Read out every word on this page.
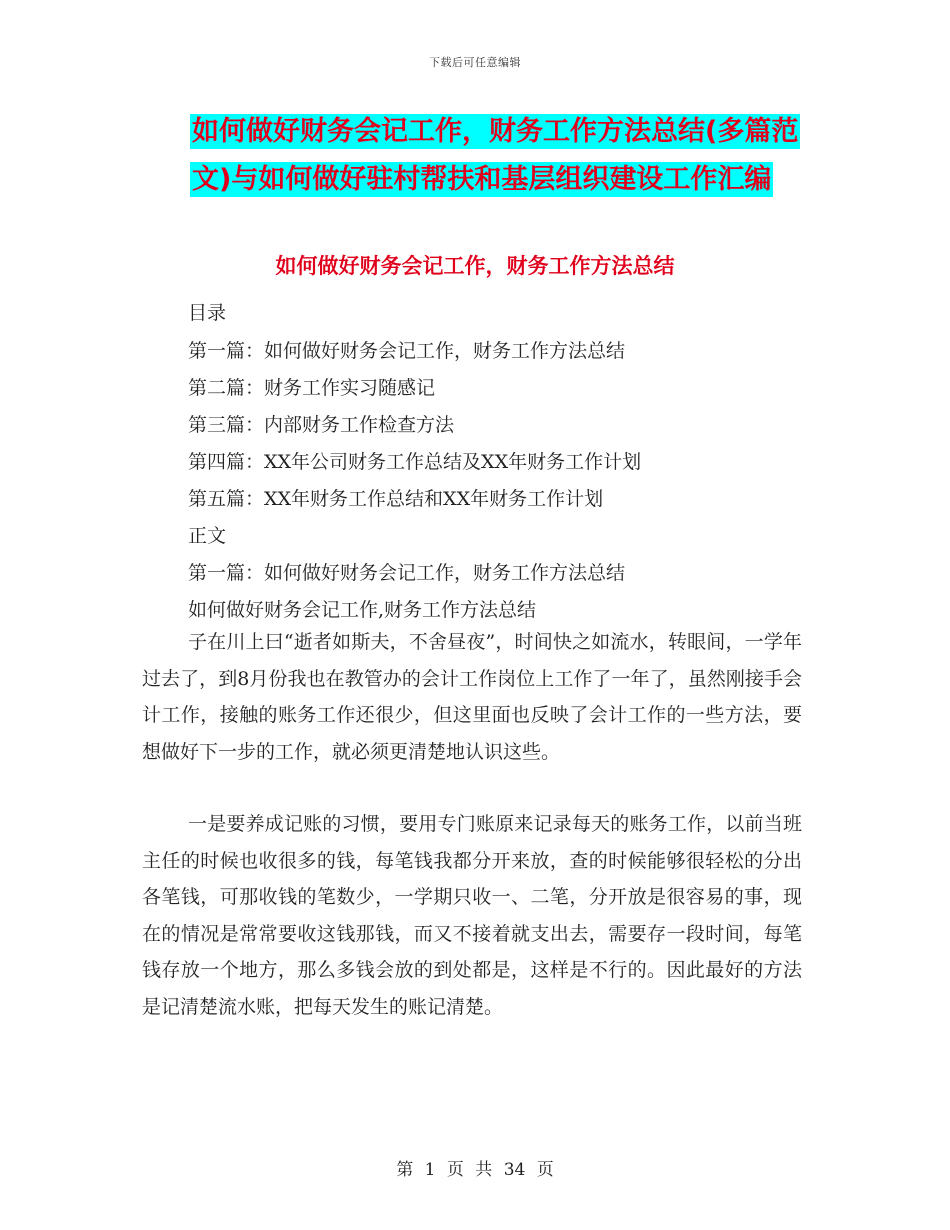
下载后可任意编辑
如何做好财务会记工作，财务工作方法总结(多篇范文)与如何做好驻村帮扶和基层组织建设工作汇编
如何做好财务会记工作，财务工作方法总结
目录
第一篇：如何做好财务会记工作，财务工作方法总结
第二篇：财务工作实习随感记
第三篇：内部财务工作检查方法
第四篇：XX年公司财务工作总结及XX年财务工作计划
第五篇：XX年财务工作总结和XX年财务工作计划
正文
第一篇：如何做好财务会记工作，财务工作方法总结
如何做好财务会记工作,财务工作方法总结
子在川上曰“逝者如斯夫，不舍昼夜”，时间快之如流水，转眼间，一学年过去了，到8月份我也在教管办的会计工作岗位上工作了一年了，虽然刚接手会计工作，接触的账务工作还很少，但这里面也反映了会计工作的一些方法，要想做好下一步的工作，就必须更清楚地认识这些。
一是要养成记账的习惯，要用专门账原来记录每天的账务工作，以前当班主任的时候也收很多的钱，每笔钱我都分开来放，查的时候能够很轻松的分出各笔钱，可那收钱的笔数少，一学期只收一、二笔，分开放是很容易的事，现在的情况是常常要收这钱那钱，而又不接着就支出去，需要存一段时间，每笔钱存放一个地方，那么多钱会放的到处都是，这样是不行的。因此最好的方法是记清楚流水账，把每天发生的账记清楚。
第 1 页 共 34 页
